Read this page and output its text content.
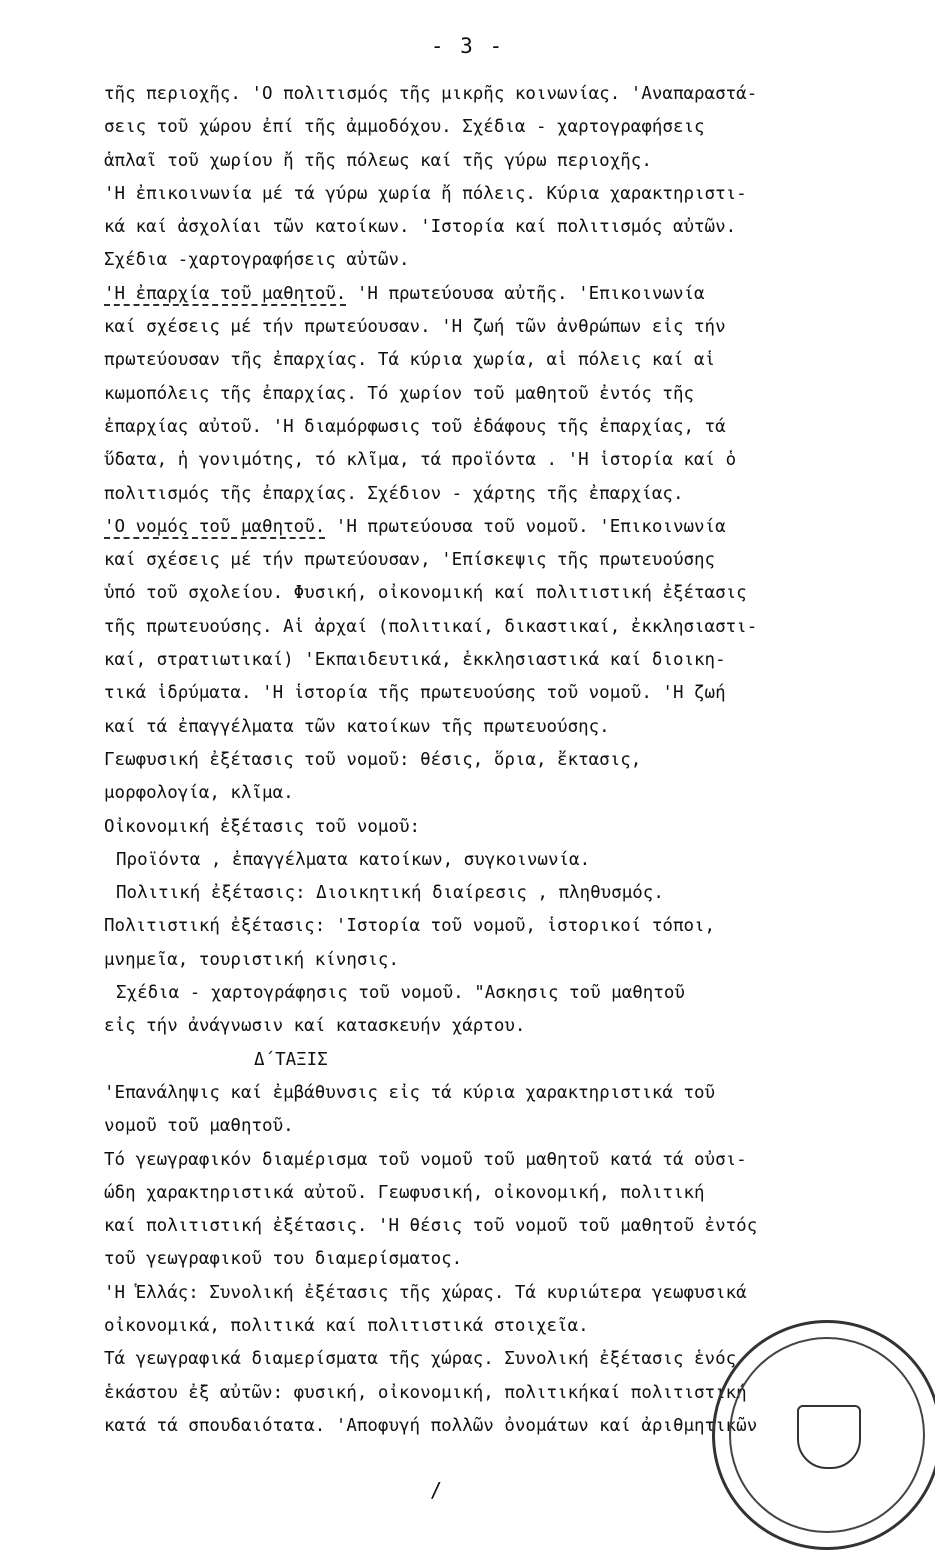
- 3 -
τῆς περιοχῆς. 'Ο πολιτισμός τῆς μικρῆς κοινωνίας. 'Αναπαραστά-
σεις τοῦ χώρου ἐπί τῆς ἀμμοδόχου. Σχέδια - χαρτογραφήσεις
ἁπλαῖ τοῦ χωρίου ἤ τῆς πόλεως καί τῆς γύρω περιοχῆς.
'Η ἐπικοινωνία μέ τά γύρω χωρία ἤ πόλεις. Κύρια χαρακτηριστι-
κά καί ἀσχολίαι τῶν κατοίκων. 'Ιστορία καί πολιτισμός αὐτῶν.
Σχέδια -χαρτογραφήσεις αὐτῶν.
'Η ἐπαρχία τοῦ μαθητοῦ. 'Η πρωτεύουσα αὐτῆς. 'Επικοινωνία
καί σχέσεις μέ τήν πρωτεύουσαν. 'Η ζωή τῶν ἀνθρώπων εἰς τήν
πρωτεύουσαν τῆς ἐπαρχίας. Τά κύρια χωρία, αἱ πόλεις καί αἱ
κωμοπόλεις τῆς ἐπαρχίας. Τό χωρίον τοῦ μαθητοῦ ἐντός τῆς
ἐπαρχίας αὐτοῦ. 'Η διαμόρφωσις τοῦ ἐδάφους τῆς ἐπαρχίας, τά
ὕδατα, ἡ γονιμότης, τό κλῖμα, τά προϊόντα . 'Η ἱστορία καί ὁ
πολιτισμός τῆς ἐπαρχίας. Σχέδιον - χάρτης τῆς ἐπαρχίας.
'Ο νομός τοῦ μαθητοῦ. 'Η πρωτεύουσα τοῦ νομοῦ. 'Επικοινωνία
καί σχέσεις μέ τήν πρωτεύουσαν, 'Επίσκεψις τῆς πρωτευούσης
ὑπό τοῦ σχολείου. Φυσική, οἰκονομική καί πολιτιστική ἐξέτασις
τῆς πρωτευούσης. Αἱ ἀρχαί (πολιτικαί, δικαστικαί, ἐκκλησιαστι-
καί, στρατιωτικαί) 'Εκπαιδευτικά, ἐκκλησιαστικά καί διοικη-
τικά ἱδρύματα. 'Η ἱστορία τῆς πρωτευούσης τοῦ νομοῦ. 'Η ζωή
καί τά ἐπαγγέλματα τῶν κατοίκων τῆς πρωτευούσης.
Γεωφυσική ἐξέτασις τοῦ νομοῦ: θέσις, ὅρια, ἔκτασις,
μορφολογία, κλῖμα.
Οἰκονομική ἐξέτασις τοῦ νομοῦ:
Προϊόντα , ἐπαγγέλματα κατοίκων, συγκοινωνία.
Πολιτική ἐξέτασις: Διοικητική διαίρεσις , πληθυσμός.
Πολιτιστική ἐξέτασις: 'Ιστορία τοῦ νομοῦ, ἱστορικοί τόποι,
μνημεῖα, τουριστική κίνησις.
Σχέδια - χαρτογράφησις τοῦ νομοῦ. "Ασκησις τοῦ μαθητοῦ
εἰς τήν ἀνάγνωσιν καί κατασκευήν χάρτου.
Δ΄ΤΑΞΙΣ
'Επανάληψις καί ἐμβάθυνσις εἰς τά κύρια χαρακτηριστικά τοῦ
νομοῦ τοῦ μαθητοῦ.
Τό γεωγραφικόν διαμέρισμα τοῦ νομοῦ τοῦ μαθητοῦ κατά τά οὐσι-
ώδη χαρακτηριστικά αὐτοῦ. Γεωφυσική, οἰκονομική, πολιτική
καί πολιτιστική ἐξέτασις. 'Η θέσις τοῦ νομοῦ τοῦ μαθητοῦ ἐντός
τοῦ γεωγραφικοῦ του διαμερίσματος.
'Η Ἑλλάς: Συνολική ἐξέτασις τῆς χώρας. Τά κυριώτερα γεωφυσικά
οἰκονομικά, πολιτικά καί πολιτιστικά στοιχεῖα.
Τά γεωγραφικά διαμερίσματα τῆς χώρας. Συνολική ἐξέτασις ἑνός
ἑκάστου ἐξ αὐτῶν: φυσική, οἰκονομική, πολιτικήκαί πολιτιστική
κατά τά σπουδαιότατα. 'Αποφυγή πολλῶν ὀνομάτων καί ἀριθμητικῶν
/
